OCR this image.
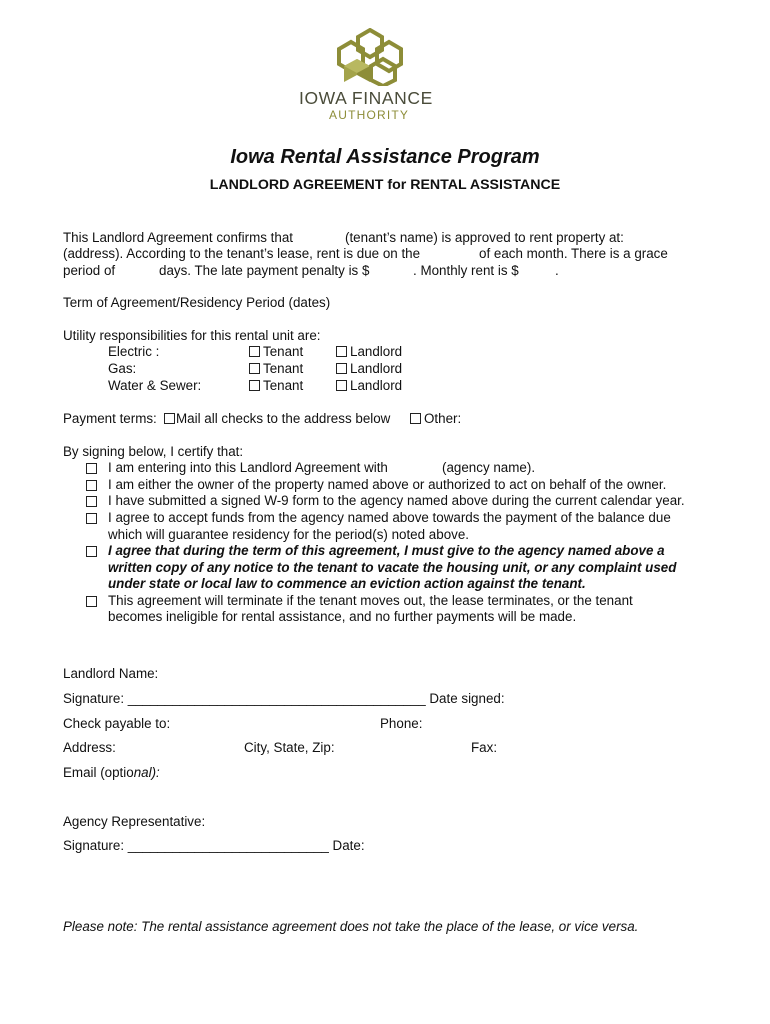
IOWA FINANCE
AUTHORITY
Iowa Rental Assistance Program
LANDLORD AGREEMENT for RENTAL ASSISTANCE
This Landlord Agreement confirms that	(tenant’s name) is approved to rent property at:
(address). According to the tenant’s lease, rent is due on the	of each month. There is a grace
period of	days. The late payment penalty is $	. Monthly rent is $	.
Term of Agreement/Residency Period (dates)
Utility responsibilities for this rental unit are:
Electric :	Tenant	Landlord
Gas:	Tenant	Landlord
Water & Sewer:	Tenant	Landlord
Payment terms:	Mail all checks to the address below	Other:
By signing below, I certify that:
I am entering into this Landlord Agreement with	(agency name).
I am either the owner of the property named above or authorized to act on behalf of the owner.
I have submitted a signed W-9 form to the agency named above during the current calendar year.
I agree to accept funds from the agency named above towards the payment of the balance due
which will guarantee residency for the period(s) noted above.
I agree that during the term of this agreement, I must give to the agency named above a
written copy of any notice to the tenant to vacate the housing unit, or any complaint used
under state or local law to commence an eviction action against the tenant.
This agreement will terminate if the tenant moves out, the lease terminates, or the tenant
becomes ineligible for rental assistance, and no further payments will be made.
Landlord Name:
Signature: ________________________________________ Date signed:
Check payable to:	Phone:
Address:	City, State, Zip:	Fax:
Email (optional):
Agency Representative:
Signature: ___________________________ Date:
Please note: The rental assistance agreement does not take the place of the lease, or vice versa.
